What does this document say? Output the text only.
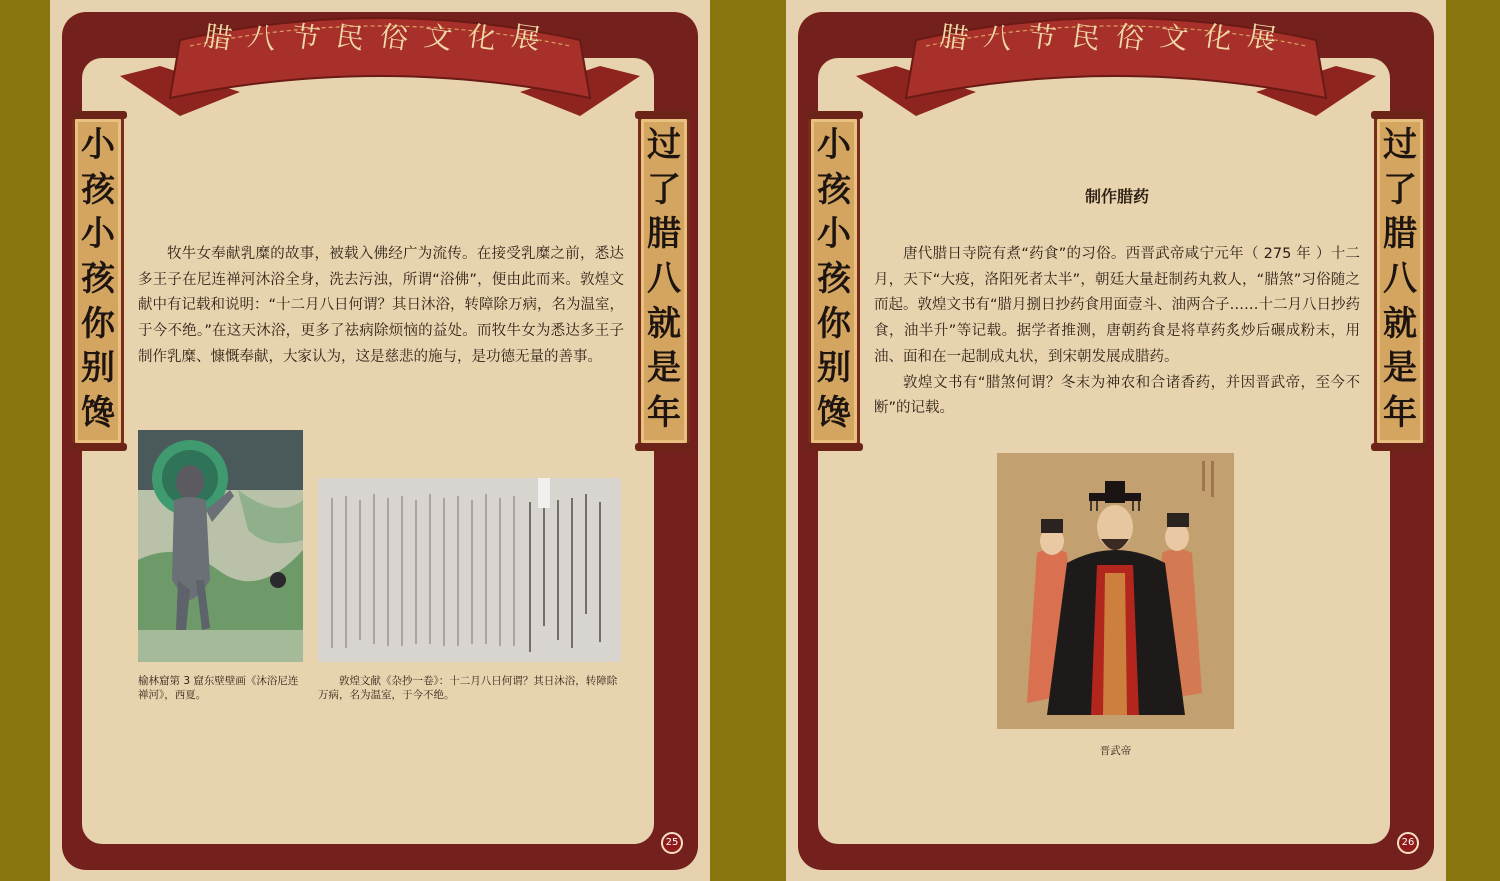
腊 八 节 民 俗 文 化 展
小
孩
小
孩
你
别
馋
过
了
腊
八
就
是
年

牧牛女奉献乳糜的故事，被载入佛经广为流传。在接受乳糜之前，悉达多王子在尼连禅河沐浴全身，洗去污浊，所谓“浴佛”，便由此而来。敦煌文献中有记载和说明：“十二月八日何谓？其日沐浴，转障除万病，名为温室，于今不绝。”在这天沐浴，更多了祛病除烦恼的益处。而牧牛女为悉达多王子制作乳糜、慷慨奉献，大家认为，这是慈悲的施与，是功德无量的善事。

榆林窟第 3 窟东壁壁画《沐浴尼连禅河》，西夏。
敦煌文献《杂抄一卷》：十二月八日何谓？其日沐浴，转障除万病，名为温室，于今不绝。
25
腊 八 节 民 俗 文 化 展
小
孩
小
孩
你
别
馋
过
了
腊
八
就
是
年
制作腊药

唐代腊日寺院有煮“药食”的习俗。西晋武帝咸宁元年（ 275 年 ）十二月，天下“大疫，洛阳死者太半”，朝廷大量赶制药丸救人，“腊煞”习俗随之而起。敦煌文书有“腊月捌日抄药食用面壹斗、油两合子……十二月八日抄药食，油半升”等记载。据学者推测，唐朝药食是将草药炙炒后碾成粉末，用油、面和在一起制成丸状，到宋朝发展成腊药。

敦煌文书有“腊煞何谓？冬末为神农和合诸香药，并因晋武帝，至今不断”的记载。

晋武帝
26
